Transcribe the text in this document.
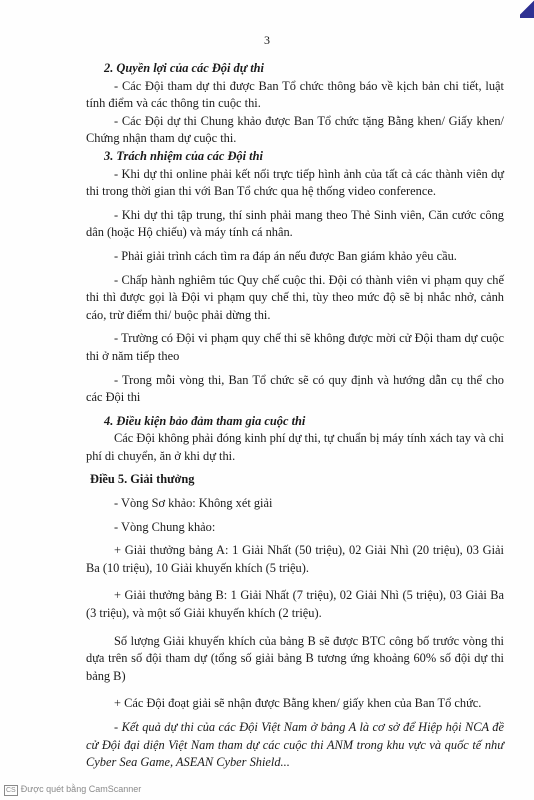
3

2. Quyền lợi của các Đội dự thi

- Các Đội tham dự thi được Ban Tổ chức thông báo về kịch bản chi tiết, luật tính điểm và các thông tin cuộc thi.

- Các Đội dự thi Chung khảo được Ban Tổ chức tặng Bằng khen/ Giấy khen/ Chứng nhận tham dự cuộc thi.

3. Trách nhiệm của các Đội thi

- Khi dự thi online phải kết nối trực tiếp hình ảnh của tất cả các thành viên dự thi trong thời gian thi với Ban Tổ chức qua hệ thống video conference.

- Khi dự thi tập trung, thí sinh phải mang theo Thẻ Sinh viên, Căn cước công dân (hoặc Hộ chiếu) và máy tính cá nhân.

- Phải giải trình cách tìm ra đáp án nếu được Ban giám khảo yêu cầu.

- Chấp hành nghiêm túc Quy chế cuộc thi. Đội có thành viên vi phạm quy chế thi thì được gọi là Đội vi phạm quy chế thi, tùy theo mức độ sẽ bị nhắc nhở, cảnh cáo, trừ điểm thi/ buộc phải dừng thi.

- Trường có Đội vi phạm quy chế thi sẽ không được mời cử Đội tham dự cuộc thi ở năm tiếp theo

- Trong mỗi vòng thi, Ban Tổ chức sẽ có quy định và hướng dẫn cụ thể cho các Đội thi

4. Điều kiện bảo đảm tham gia cuộc thi

Các Đội không phải đóng kinh phí dự thi, tự chuẩn bị máy tính xách tay và chi phí di chuyển, ăn ở khi dự thi.

Điều 5. Giải thưởng

- Vòng Sơ khảo: Không xét giải

- Vòng Chung khảo:

+ Giải thưởng bảng A: 1 Giải Nhất (50 triệu), 02 Giải Nhì (20 triệu), 03 Giải Ba (10 triệu), 10 Giải khuyến khích (5 triệu).

+ Giải thưởng bảng B: 1 Giải Nhất (7 triệu), 02 Giải Nhì (5 triệu), 03 Giải Ba (3 triệu), và một số Giải khuyến khích (2 triệu).

Số lượng Giải khuyến khích của bảng B sẽ được BTC công bố trước vòng thi dựa trên số đội tham dự (tổng số giải bảng B tương ứng khoảng 60% số đội dự thi bảng B)

+ Các Đội đoạt giải sẽ nhận được Bằng khen/ giấy khen của Ban Tổ chức.

- Kết quả dự thi của các Đội Việt Nam ở bảng A là cơ sở để Hiệp hội NCA đề cử Đội đại diện Việt Nam tham dự các cuộc thi ANM trong khu vực và quốc tế như Cyber Sea Game, ASEAN Cyber Shield...

CS Được quét bằng CamScanner
